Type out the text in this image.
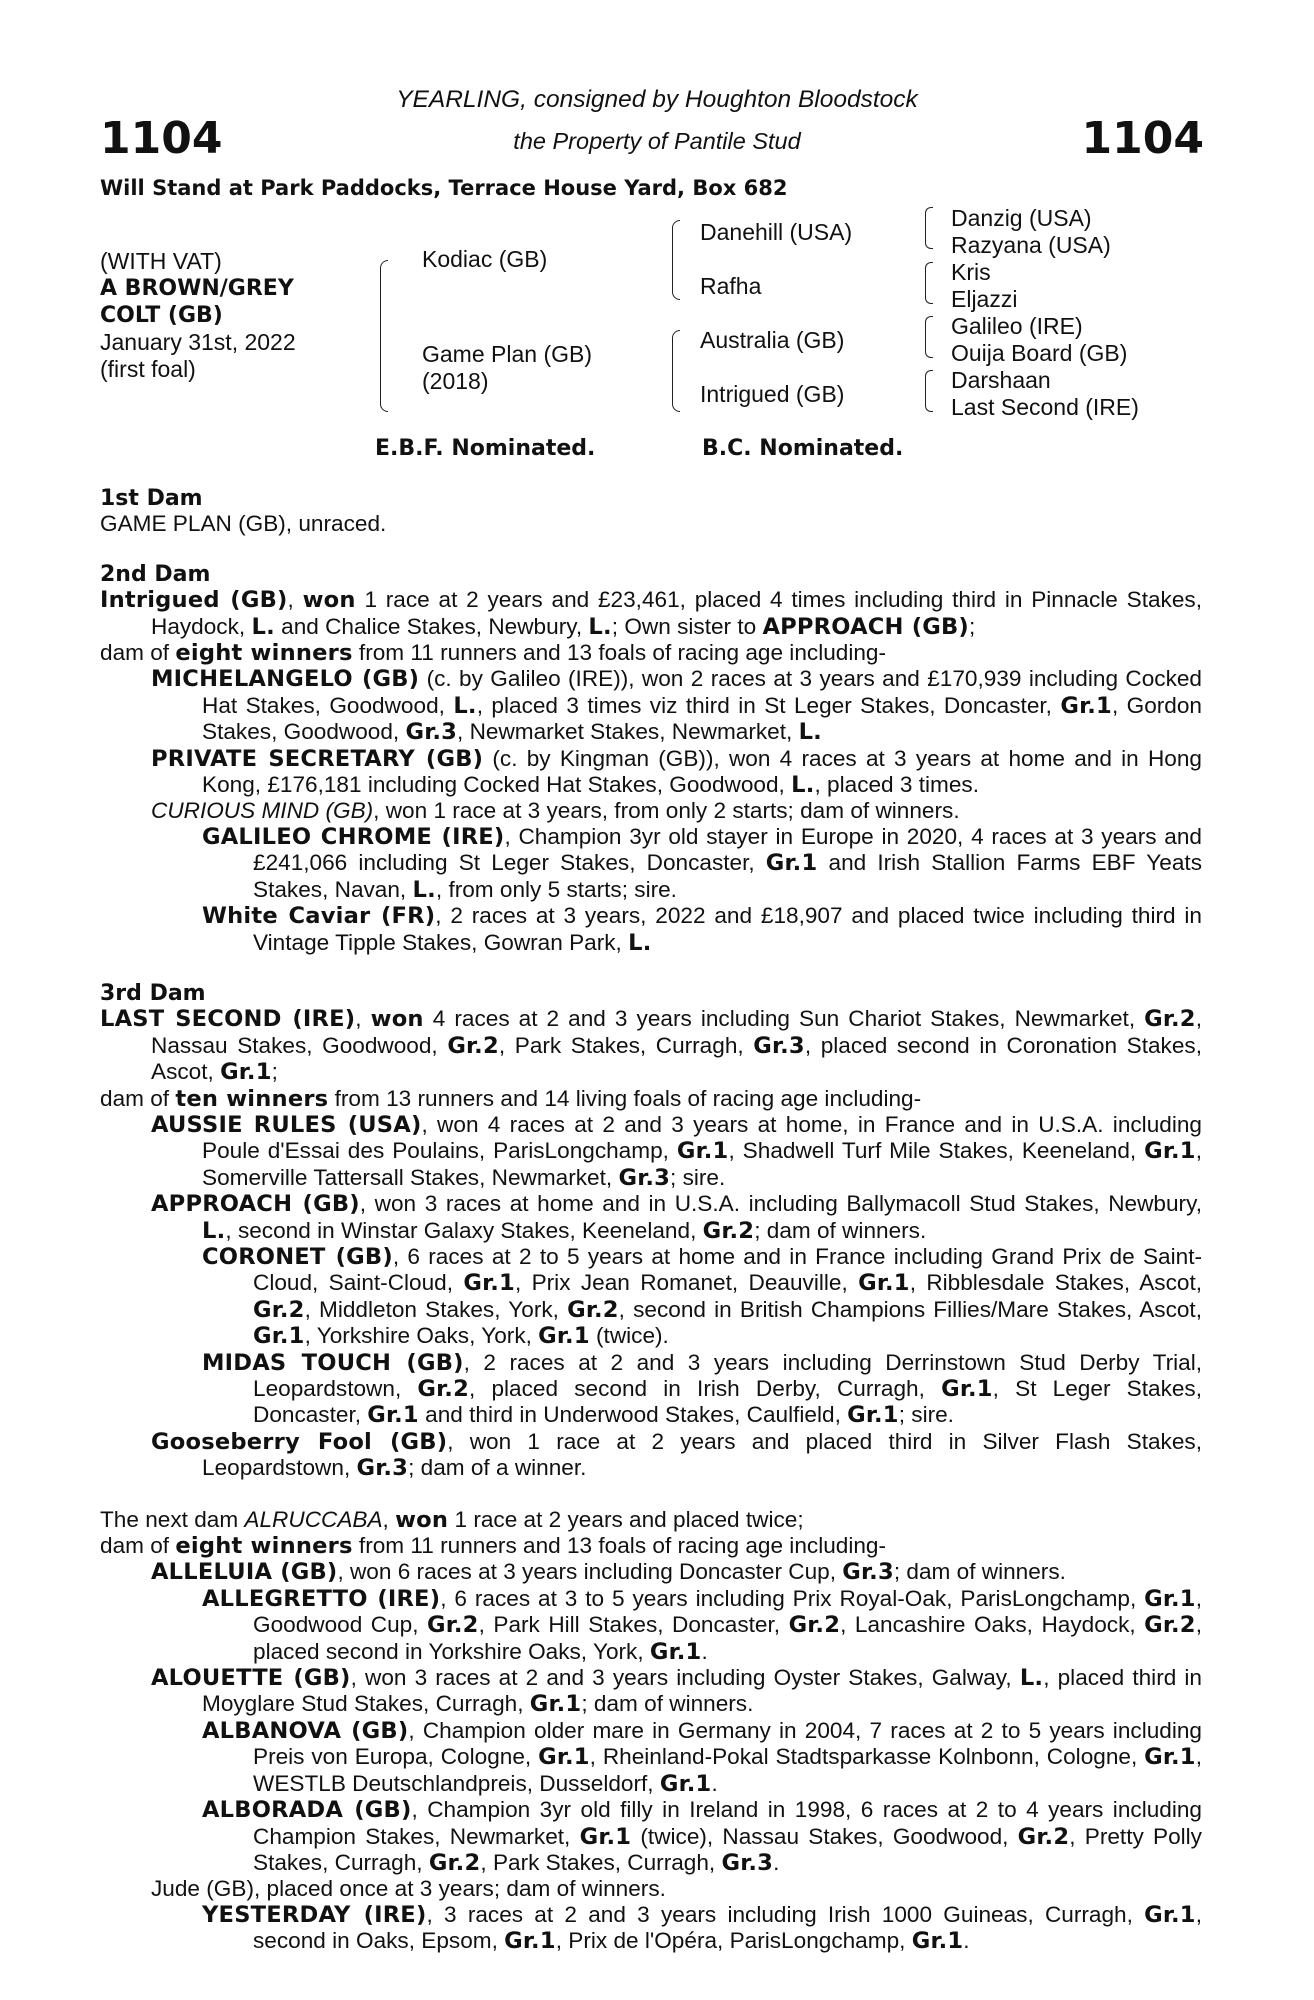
1104	1104
YEARLING, consigned by Houghton Bloodstock
the Property of Pantile Stud
Will Stand at Park Paddocks, Terrace House Yard, Box 682
(WITH VAT)
A BROWN/GREY
COLT (GB)
January 31st, 2022
(first foal)
Kodiac (GB)
Game Plan (GB)
(2018)
Danehill (USA)
Rafha
Australia (GB)
Intrigued (GB)
Danzig (USA)
Razyana (USA)
Kris
Eljazzi
Galileo (IRE)
Ouija Board (GB)
Darshaan
Last Second (IRE)
E.B.F. Nominated.	B.C. Nominated.
1st Dam
GAME PLAN (GB), unraced.
2nd Dam
Intrigued (GB), won 1 race at 2 years and £23,461, placed 4 times including third in Pinnacle Stakes, Haydock, L. and Chalice Stakes, Newbury, L.; Own sister to APPROACH (GB);
dam of eight winners from 11 runners and 13 foals of racing age including-
MICHELANGELO (GB) (c. by Galileo (IRE)), won 2 races at 3 years and £170,939 including Cocked Hat Stakes, Goodwood, L., placed 3 times viz third in St Leger Stakes, Doncaster, Gr.1, Gordon Stakes, Goodwood, Gr.3, Newmarket Stakes, Newmarket, L.
PRIVATE SECRETARY (GB) (c. by Kingman (GB)), won 4 races at 3 years at home and in Hong Kong, £176,181 including Cocked Hat Stakes, Goodwood, L., placed 3 times.
CURIOUS MIND (GB), won 1 race at 3 years, from only 2 starts; dam of winners.
GALILEO CHROME (IRE), Champion 3yr old stayer in Europe in 2020, 4 races at 3 years and £241,066 including St Leger Stakes, Doncaster, Gr.1 and Irish Stallion Farms EBF Yeats Stakes, Navan, L., from only 5 starts; sire.
White Caviar (FR), 2 races at 3 years, 2022 and £18,907 and placed twice including third in Vintage Tipple Stakes, Gowran Park, L.
3rd Dam
LAST SECOND (IRE), won 4 races at 2 and 3 years including Sun Chariot Stakes, Newmarket, Gr.2, Nassau Stakes, Goodwood, Gr.2, Park Stakes, Curragh, Gr.3, placed second in Coronation Stakes, Ascot, Gr.1;
dam of ten winners from 13 runners and 14 living foals of racing age including-
AUSSIE RULES (USA), won 4 races at 2 and 3 years at home, in France and in U.S.A. including Poule d'Essai des Poulains, ParisLongchamp, Gr.1, Shadwell Turf Mile Stakes, Keeneland, Gr.1, Somerville Tattersall Stakes, Newmarket, Gr.3; sire.
APPROACH (GB), won 3 races at home and in U.S.A. including Ballymacoll Stud Stakes, Newbury, L., second in Winstar Galaxy Stakes, Keeneland, Gr.2; dam of winners.
CORONET (GB), 6 races at 2 to 5 years at home and in France including Grand Prix de Saint-Cloud, Saint-Cloud, Gr.1, Prix Jean Romanet, Deauville, Gr.1, Ribblesdale Stakes, Ascot, Gr.2, Middleton Stakes, York, Gr.2, second in British Champions Fillies/Mare Stakes, Ascot, Gr.1, Yorkshire Oaks, York, Gr.1 (twice).
MIDAS TOUCH (GB), 2 races at 2 and 3 years including Derrinstown Stud Derby Trial, Leopardstown, Gr.2, placed second in Irish Derby, Curragh, Gr.1, St Leger Stakes, Doncaster, Gr.1 and third in Underwood Stakes, Caulfield, Gr.1; sire.
Gooseberry Fool (GB), won 1 race at 2 years and placed third in Silver Flash Stakes, Leopardstown, Gr.3; dam of a winner.
The next dam ALRUCCABA, won 1 race at 2 years and placed twice;
dam of eight winners from 11 runners and 13 foals of racing age including-
ALLELUIA (GB), won 6 races at 3 years including Doncaster Cup, Gr.3; dam of winners.
ALLEGRETTO (IRE), 6 races at 3 to 5 years including Prix Royal-Oak, ParisLongchamp, Gr.1, Goodwood Cup, Gr.2, Park Hill Stakes, Doncaster, Gr.2, Lancashire Oaks, Haydock, Gr.2, placed second in Yorkshire Oaks, York, Gr.1.
ALOUETTE (GB), won 3 races at 2 and 3 years including Oyster Stakes, Galway, L., placed third in Moyglare Stud Stakes, Curragh, Gr.1; dam of winners.
ALBANOVA (GB), Champion older mare in Germany in 2004, 7 races at 2 to 5 years including Preis von Europa, Cologne, Gr.1, Rheinland-Pokal Stadtsparkasse Kolnbonn, Cologne, Gr.1, WESTLB Deutschlandpreis, Dusseldorf, Gr.1.
ALBORADA (GB), Champion 3yr old filly in Ireland in 1998, 6 races at 2 to 4 years including Champion Stakes, Newmarket, Gr.1 (twice), Nassau Stakes, Goodwood, Gr.2, Pretty Polly Stakes, Curragh, Gr.2, Park Stakes, Curragh, Gr.3.
Jude (GB), placed once at 3 years; dam of winners.
YESTERDAY (IRE), 3 races at 2 and 3 years including Irish 1000 Guineas, Curragh, Gr.1, second in Oaks, Epsom, Gr.1, Prix de l'Opéra, ParisLongchamp, Gr.1.
